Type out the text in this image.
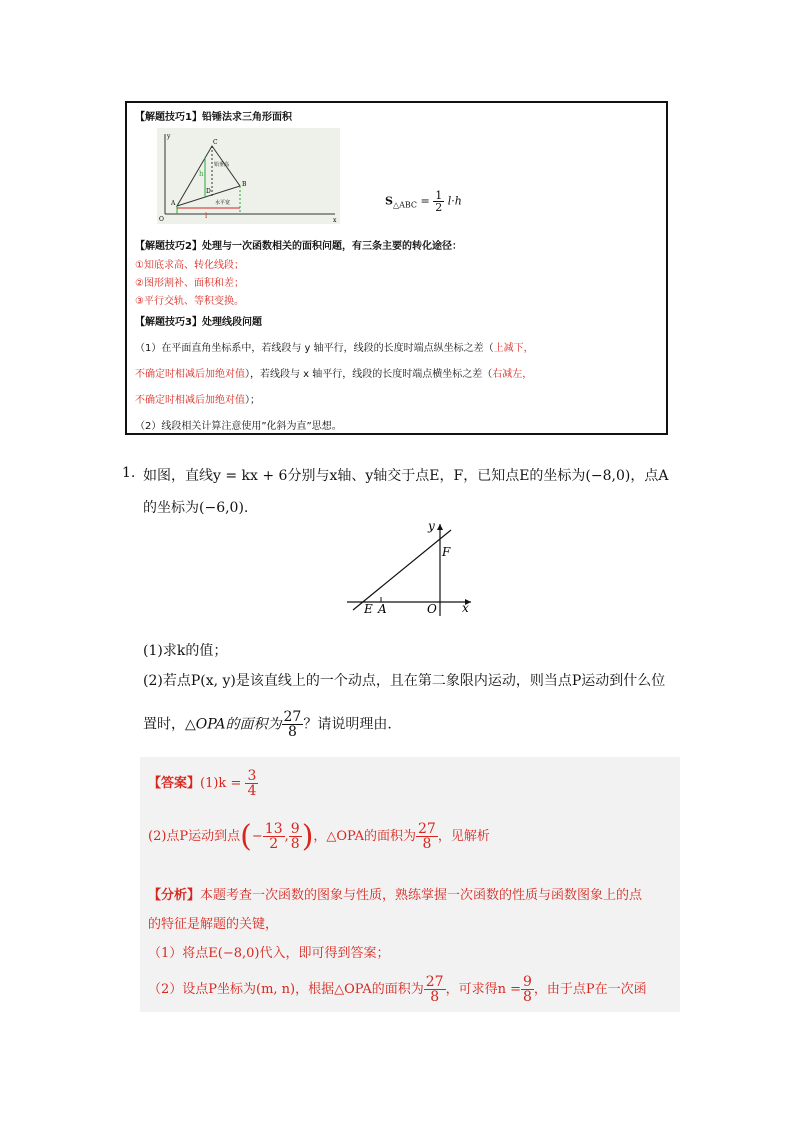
【解题技巧1】铅锤法求三角形面积
y
C
B
A
D
h
O	l
x
铅垂高
水平宽	$S_{\triangle ABC} = \frac{1}{2} l\cdot h$
【解题技巧2】处理与一次函数相关的面积问题，有三条主要的转化途径：
①知底求高、转化线段；
②图形割补、面积和差；
③平行交轨、等积变换。
【解题技巧3】处理线段问题
（1）在平面直角坐标系中，若线段与 y 轴平行，线段的长度时端点纵坐标之差（上减下，
不确定时相减后加绝对值），若线段与 x 轴平行，线段的长度时端点横坐标之差（右减左，
不确定时相减后加绝对值）；
（2）线段相关计算注意使用”化斜为直”思想。
1. 如图，直线y = kx + 6分别与x轴、y轴交于点E，F，已知点E的坐标为(−8,0)，点A
的坐标为(−6,0).
y
F
E A	O x
(1)求k的值；
(2)若点P(x, y)是该直线上的一个动点，且在第二象限内运动，则当点P运动到什么位
置时，△OPA的面积为 $\frac{27}{8}$ ？请说明理由.
【答案】$(1)k = \frac{3}{4}$
(2)点P运动到点(− $\frac{13}{2}$ , $\frac{9}{8}$ )，△OPA的面积为 $\frac{27}{8}$ ，见解析
【分析】本题考查一次函数的图象与性质，熟练掌握一次函数的性质与函数图象上的点
的特征是解题的关键，
（1）将点E(−8,0)代入，即可得到答案；
（2）设点P坐标为(m, n)，根据△OPA的面积为 $\frac{27}{8}$ ，可求得$n = \frac{9}{8}$ ，由于点P在一次函
